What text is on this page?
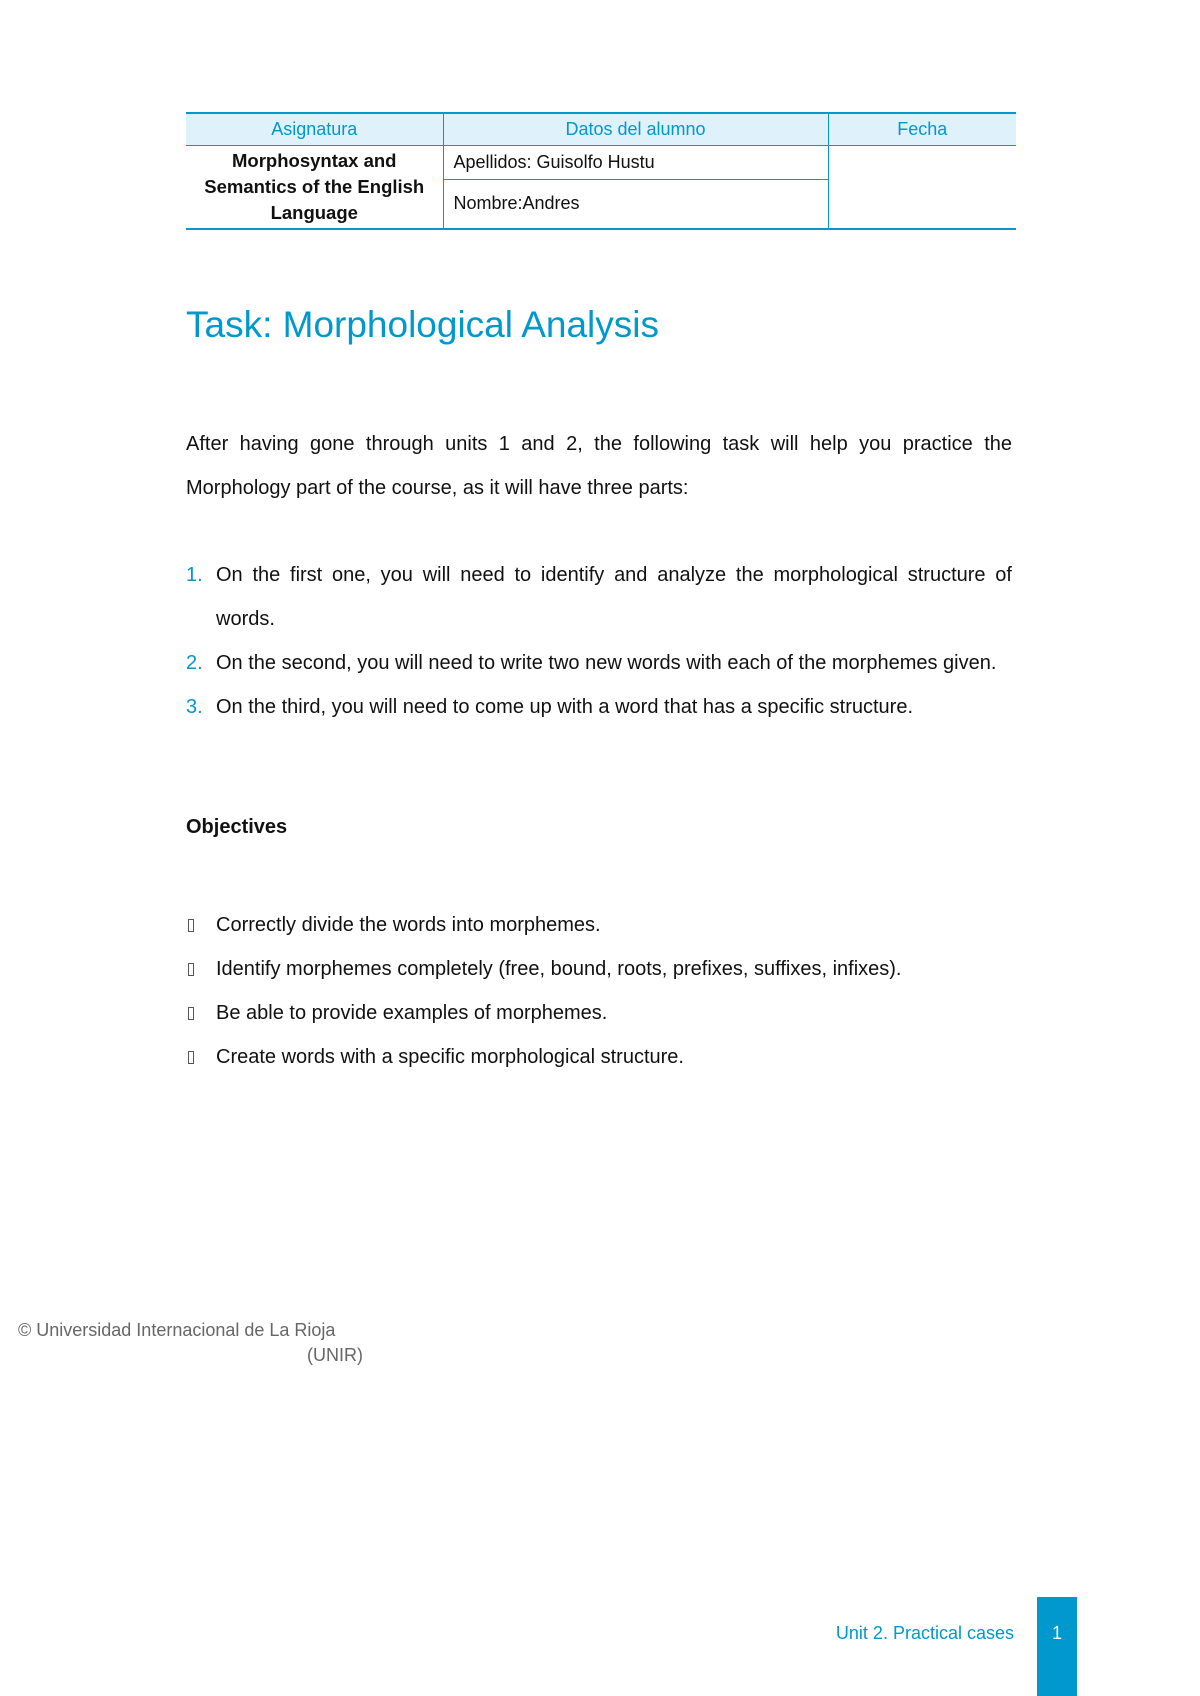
Asignatura	Datos del alumno	Fecha
Morphosyntax and
Semantics of the English
Language	Apellidos: Guisolfo Hustu	
	Nombre:Andres	
Task: Morphological Analysis

After having gone through units 1 and 2, the following task will help you practice the Morphology part of the course, as it will have three parts:

1. On the first one, you will need to identify and analyze the morphological structure of words.
2. On the second, you will need to write two new words with each of the morphemes given.
3. On the third, you will need to come up with a word that has a specific structure.
Objectives
Correctly divide the words into morphemes.
Identify morphemes completely (free, bound, roots, prefixes, suffixes, infixes).
Be able to provide examples of morphemes.
Create words with a specific morphological structure.
© Universidad Internacional de La Rioja
(UNIR)
Unit 2. Practical cases	1
